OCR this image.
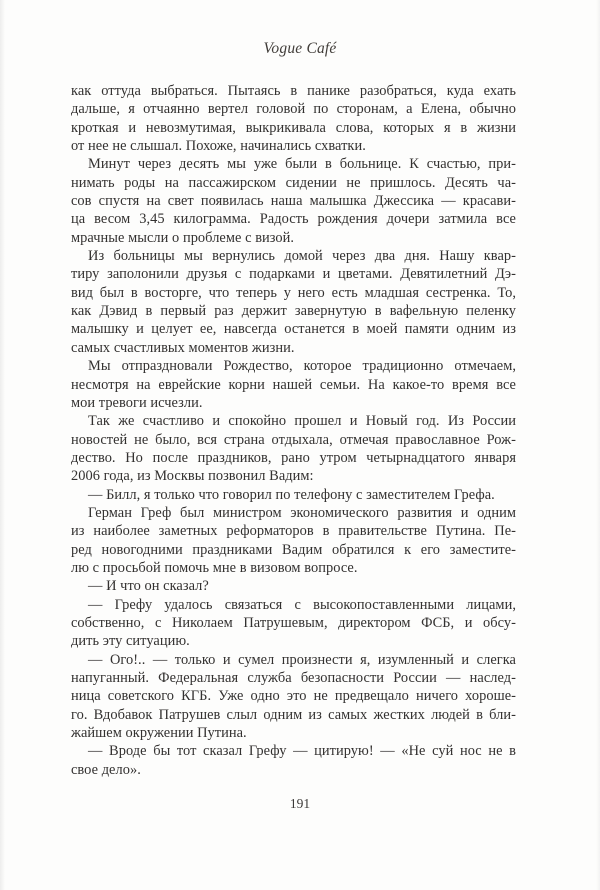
Vogue Café
как оттуда выбраться. Пытаясь в панике разобраться, куда ехать
дальше, я отчаянно вертел головой по сторонам, а Елена, обычно
кроткая и невозмутимая, выкрикивала слова, которых я в жизни
от нее не слышал. Похоже, начинались схватки.
Минут через десять мы уже были в больнице. К счастью, при-
нимать роды на пассажирском сидении не пришлось. Десять ча-
сов спустя на свет появилась наша малышка Джессика — красави-
ца весом 3,45 килограмма. Радость рождения дочери затмила все
мрачные мысли о проблеме с визой.
Из больницы мы вернулись домой через два дня. Нашу квар-
тиру заполонили друзья с подарками и цветами. Девятилетний Дэ-
вид был в восторге, что теперь у него есть младшая сестренка. То,
как Дэвид в первый раз держит завернутую в вафельную пеленку
малышку и целует ее, навсегда останется в моей памяти одним из
самых счастливых моментов жизни.
Мы отпраздновали Рождество, которое традиционно отмечаем,
несмотря на еврейские корни нашей семьи. На какое-то время все
мои тревоги исчезли.
Так же счастливо и спокойно прошел и Новый год. Из России
новостей не было, вся страна отдыхала, отмечая православное Рож-
дество. Но после праздников, рано утром четырнадцатого января
2006 года, из Москвы позвонил Вадим:
— Билл, я только что говорил по телефону с заместителем Грефа.
Герман Греф был министром экономического развития и одним
из наиболее заметных реформаторов в правительстве Путина. Пе-
ред новогодними праздниками Вадим обратился к его заместите-
лю с просьбой помочь мне в визовом вопросе.
— И что он сказал?
— Грефу удалось связаться с высокопоставленными лицами,
собственно, с Николаем Патрушевым, директором ФСБ, и обсу-
дить эту ситуацию.
— Ого!.. — только и сумел произнести я, изумленный и слегка
напуганный. Федеральная служба безопасности России — наслед-
ница советского КГБ. Уже одно это не предвещало ничего хороше-
го. Вдобавок Патрушев слыл одним из самых жестких людей в бли-
жайшем окружении Путина.
— Вроде бы тот сказал Грефу — цитирую! — «Не суй нос не в
свое дело».
191
